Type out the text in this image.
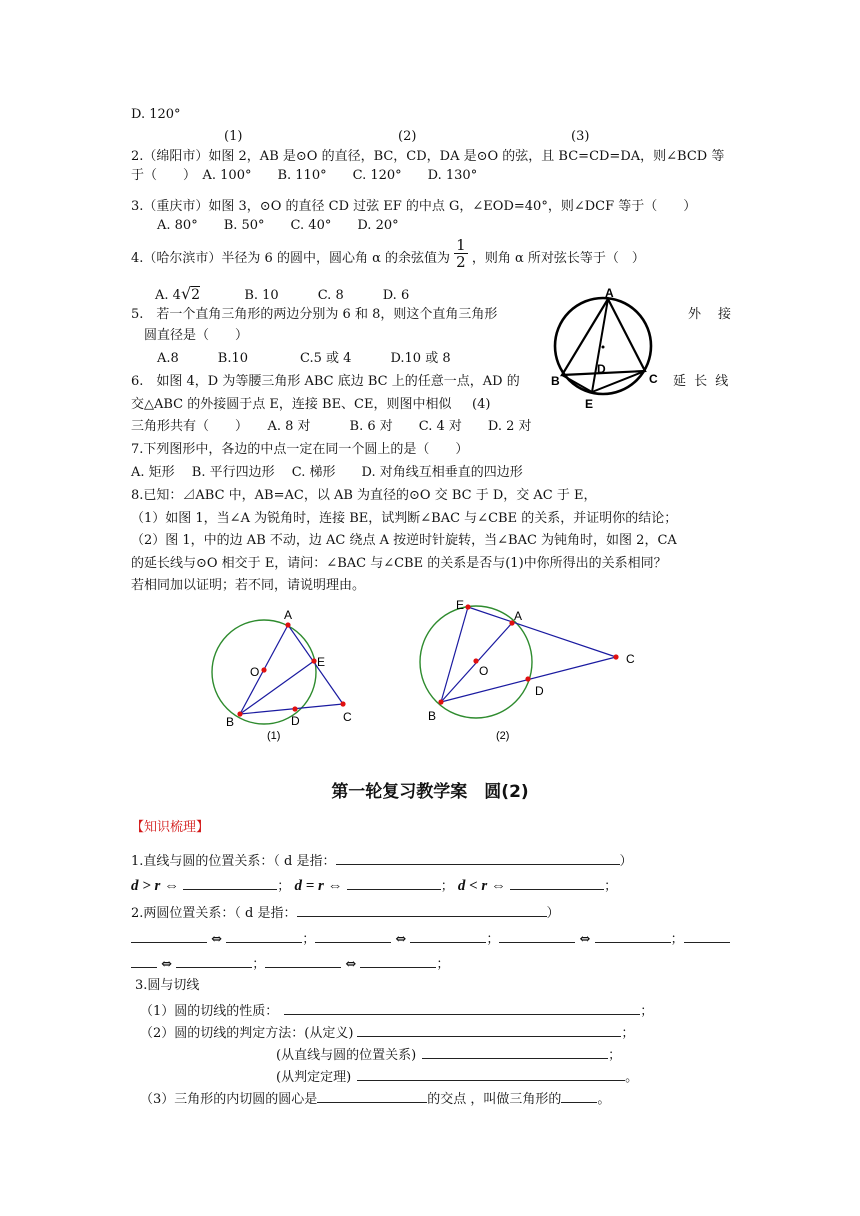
D. 120°
(1)	(2)	(3)
2.（绵阳市）如图 2，AB 是⊙O 的直径，BC，CD，DA 是⊙O 的弦，且 BC=CD=DA，则∠BCD 等
于（　　）　A. 100°　　B. 110°　　C. 120°　　D. 130°
3.（重庆市）如图 3，⊙O 的直径 CD 过弦 EF 的中点 G，∠EOD=40°，则∠DCF 等于（　　）
A. 80°　　B. 50°　　C. 40°　　D. 20°
4.（哈尔滨市）半径为 6 的圆中，圆心角 α 的余弦值为 $\frac{1}{2}$ ，则角 α 所对弦长等于（　）
A. 4√2	B. 10　　　C. 8　　　D. 6
5.　若一个直角三角形的两边分别为 6 和 8，则这个直角三角形	外　接
圆直径是（　　）
A.8　　　B.10　　　　C.5 或 4　　　D.10 或 8
A
B	C
D
E
6.　如图 4，D 为等腰三角形 ABC 底边 BC 上的任意一点，AD 的	延 长 线
交△ABC 的外接圆于点 E，连接 BE、CE，则图中相似 (4)
三角形共有（　　）　　A. 8 对　　　B. 6 对　　C. 4 对　　D. 2 对
7.下列图形中，各边的中点一定在同一个圆上的是（　　）
A. 矩形　 B. 平行四边形　 C. 梯形　　D. 对角线互相垂直的四边形
8.已知：⊿ABC 中，AB=AC，以 AB 为直径的⊙O 交 BC 于 D，交 AC 于 E，
（1）如图 1，当∠A 为锐角时，连接 BE，试判断∠BAC 与∠CBE 的关系，并证明你的结论；
（2）图 1，中的边 AB 不动，边 AC 绕点 A 按逆时针旋转，当∠BAC 为钝角时，如图 2，CA
的延长线与⊙O 相交于 E，请问：∠BAC 与∠CBE 的关系是否与(1)中你所得出的关系相同？
若相同加以证明；若不同，请说明理由。
A
O
E
B	D	C
(1)
E
A
O
C
D
B
(2)
第一轮复习教学案　圆(2)
【知识梳理】
1.直线与圆的位置关系：（ d 是指：	）
d > r ⇔	； d = r ⇔	； d < r ⇔	；
2.两圆位置关系：（ d 是指：	）
⇔	；	⇔	；	⇔	；
⇔	；	⇔	；
3.圆与切线
（1）圆的切线的性质：	；
（2）圆的切线的判定方法：(从定义)	；
(从直线与圆的位置关系)	；
(从判定定理)	。
（3）三角形的内切圆的圆心是	的交点 ，叫做三角形的	。
